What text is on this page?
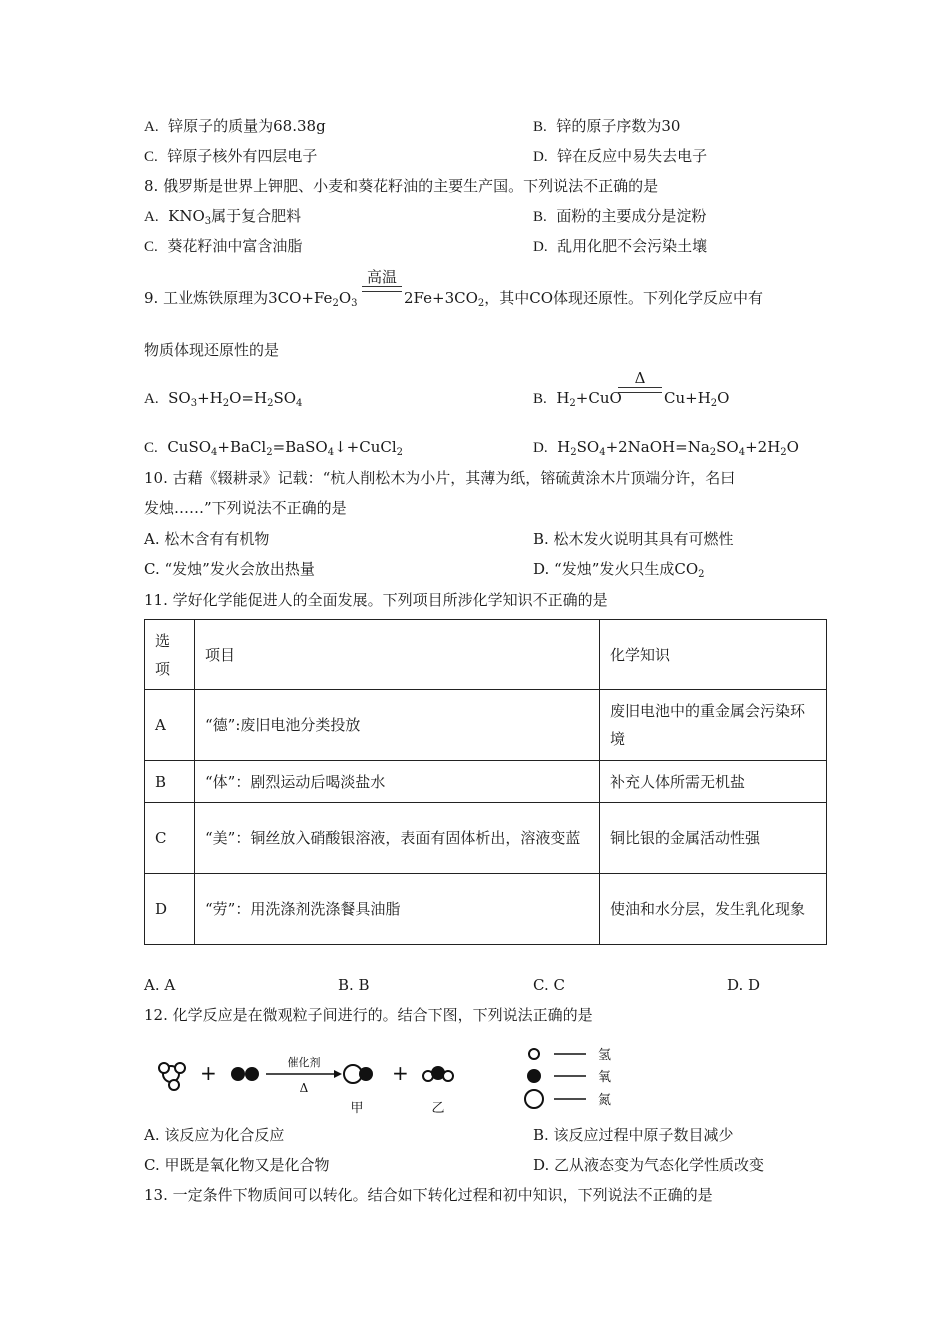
A. 锌原子的质量为68.38g	B. 锌的原子序数为30
C. 锌原子核外有四层电子	D. 锌在反应中易失去电子
8. 俄罗斯是世界上钾肥、小麦和葵花籽油的主要生产国。下列说法不正确的是
A. $KNO_3$属于复合肥料	B. 面粉的主要成分是淀粉
C. 葵花籽油中富含油脂	D. 乱用化肥不会污染土壤
9. 工业炼铁原理为$3CO+Fe_2O_3$
高温
$2Fe+3CO_2$，其中CO体现还原性。下列化学反应中有
物质体现还原性的是
A. $SO_3+H_2O=H_2SO_4$	B. $H_2+CuO$
Δ
$Cu+H_2O$
C. CuSO$_4$+BaCl$_2$=BaSO$_4$↓+CuCl$_2$	D. $H_2SO_4+2NaOH=Na_2SO_4+2H_2O$
10. 古藉《辍耕录》记载：“杭人削松木为小片，其薄为纸，镕硫黄涂木片顶端分许，名曰
发烛……”下列说法不正确的是
A. 松木含有有机物	B. 松木发火说明其具有可燃性
C. “发烛”发火会放出热量	D. “发烛”发火只生成$CO_2$
11. 学好化学能促进人的全面发展。下列项目所涉化学知识不正确的是
选项	项目	化学知识
A	“德”:废旧电池分类投放	废旧电池中的重金属会污染环境
B	“体”：剧烈运动后喝淡盐水	补充人体所需无机盐
C	“美”：铜丝放入硝酸银溶液，表面有固体析出，溶液变蓝	铜比银的金属活动性强
D	“劳”：用洗涤剂洗涤餐具油脂	使油和水分层，发生乳化现象
A. A	B. B	C. C	D. D
12. 化学反应是在微观粒子间进行的。结合下图，下列说法正确的是
+	催化剂
Δ
甲
+
乙
氢
氧
氮
A. 该反应为化合反应	B. 该反应过程中原子数目减少
C. 甲既是氧化物又是化合物	D. 乙从液态变为气态化学性质改变
13. 一定条件下物质间可以转化。结合如下转化过程和初中知识，下列说法不正确的是
